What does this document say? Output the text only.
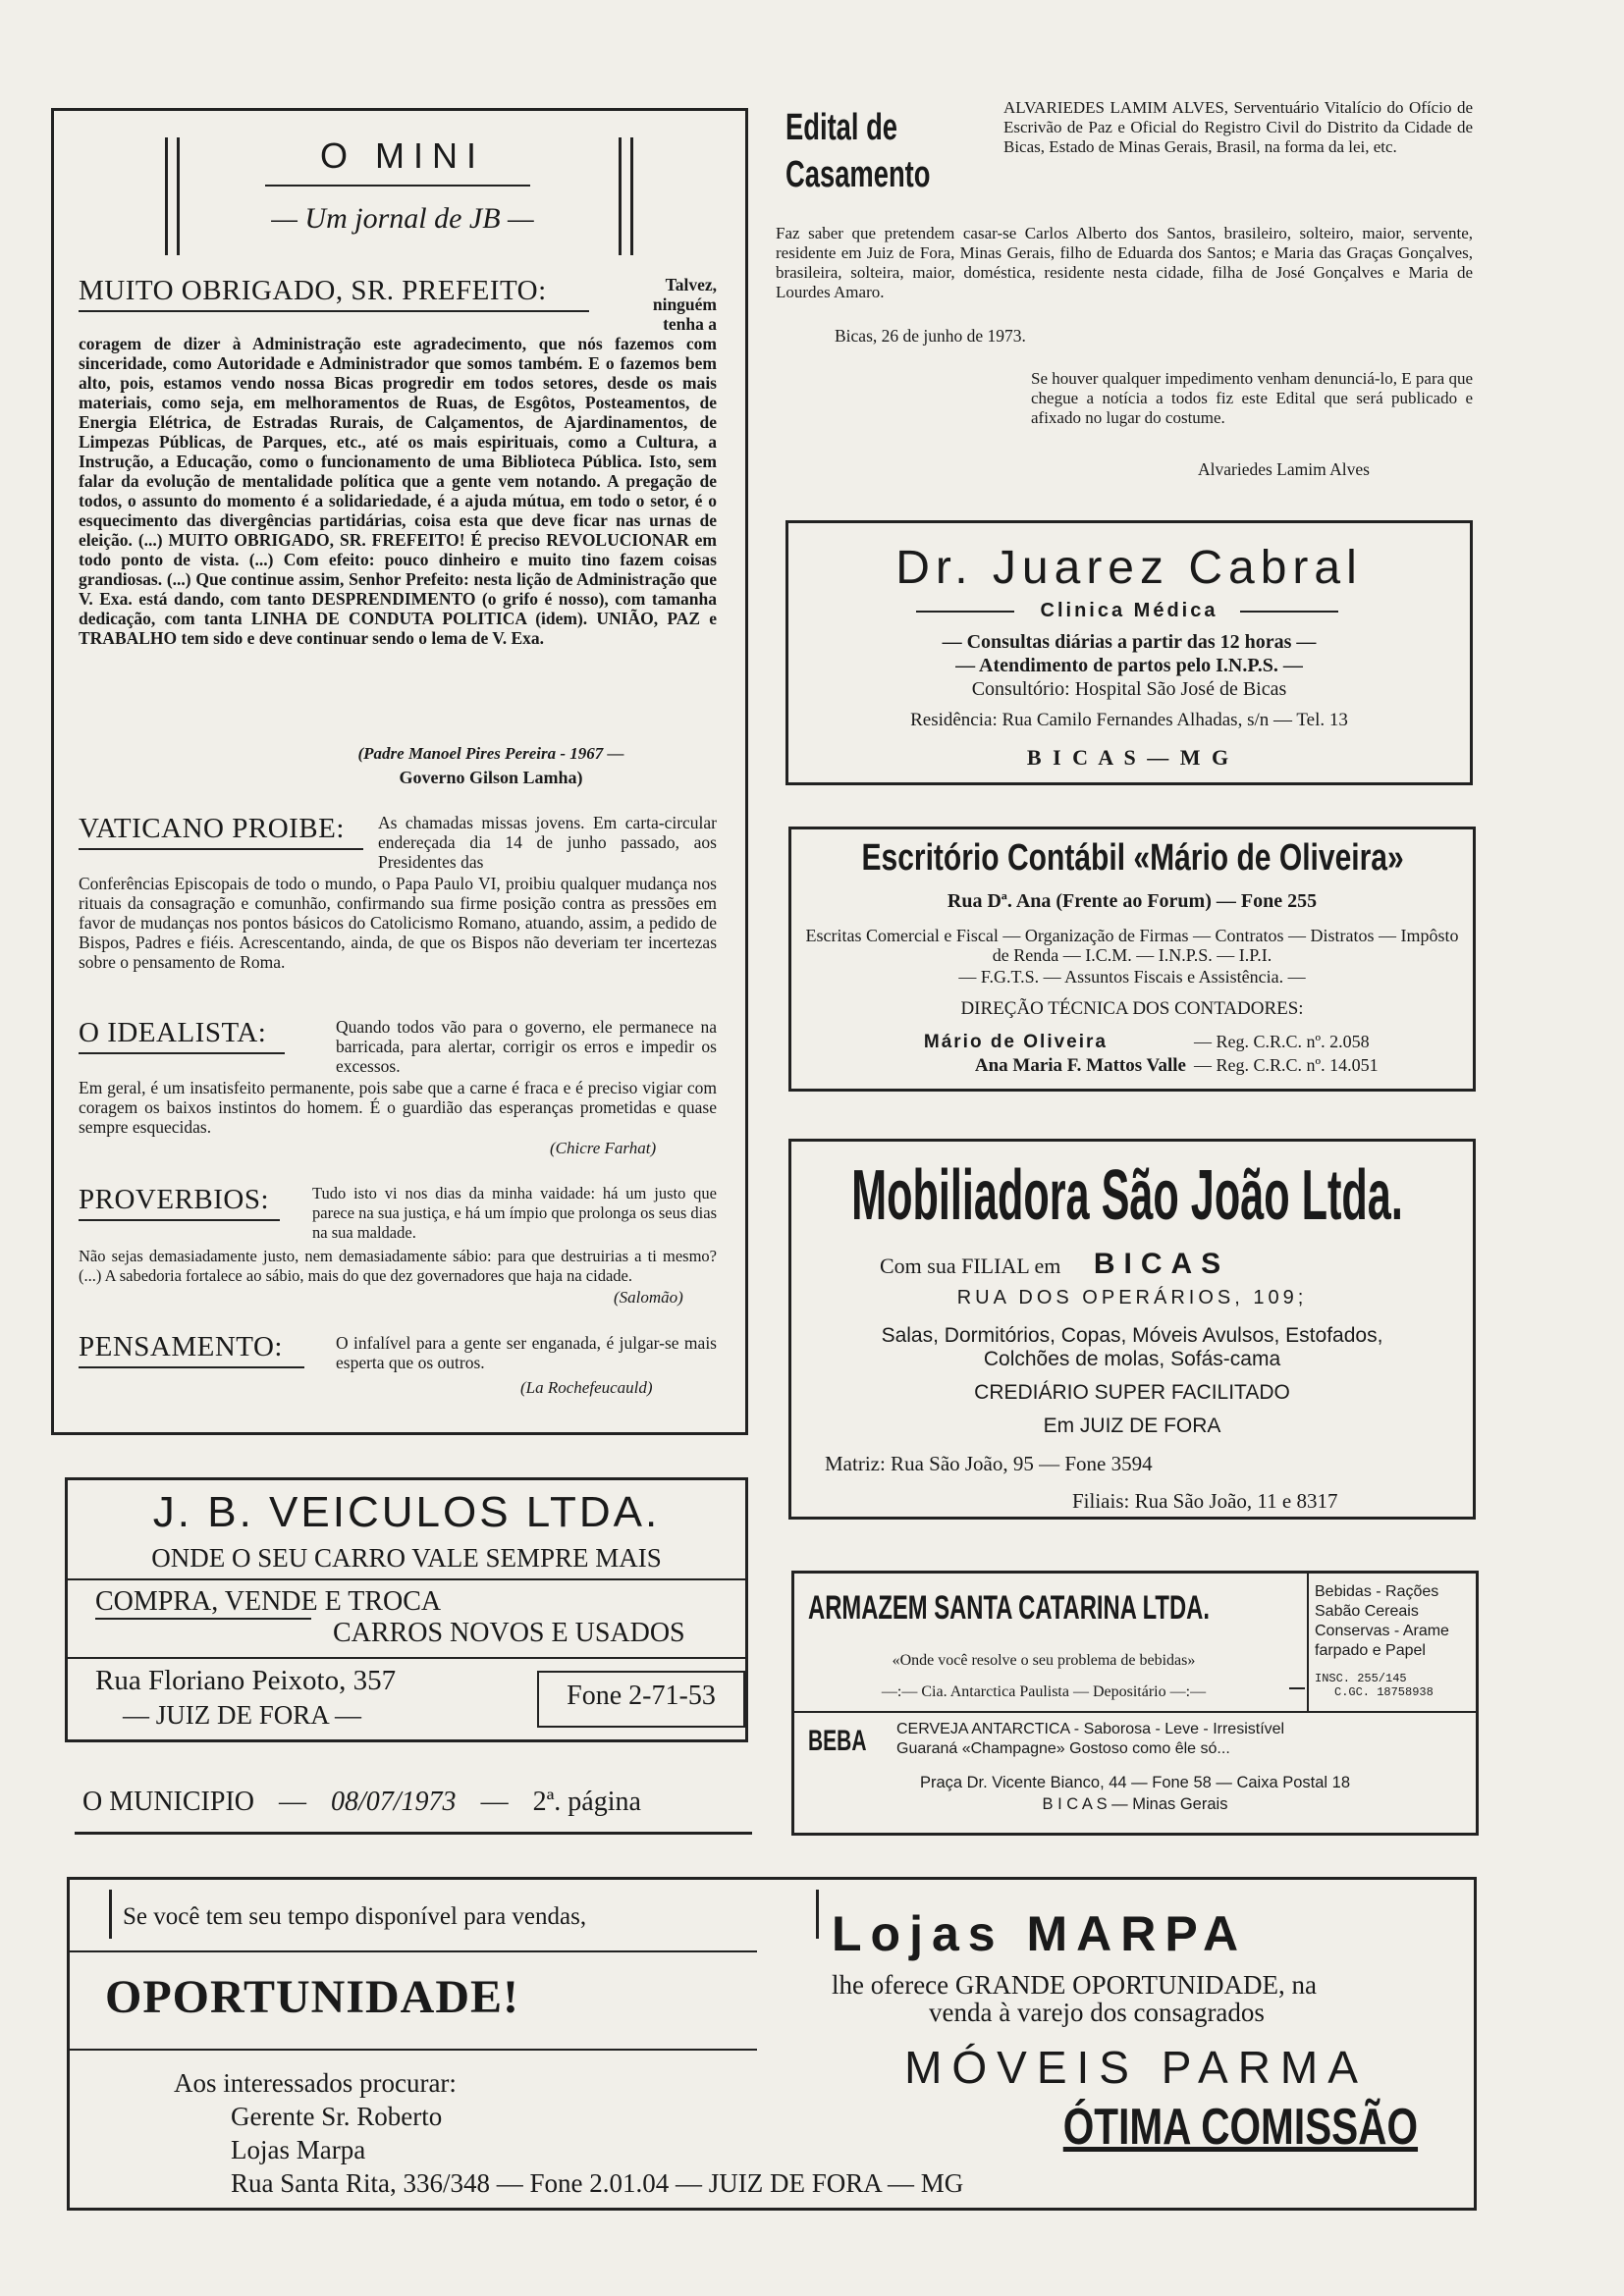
O MINI
— Um jornal de JB —
MUITO OBRIGADO, SR. PREFEITO:	Talvez, ninguém tenha a

coragem de dizer à Administração este agradecimento, que nós fazemos com sinceridade, como Autoridade e Administrador que somos também. E o fazemos bem alto, pois, estamos vendo nossa Bicas progredir em todos setores, desde os mais materiais, como seja, em melhoramentos de Ruas, de Esgôtos, Posteamentos, de Energia Elétrica, de Estradas Rurais, de Calçamentos, de Ajardinamentos, de Limpezas Públicas, de Parques, etc., até os mais espirituais, como a Cultura, a Instrução, a Educação, como o funcionamento de uma Biblioteca Pública. Isto, sem falar da evolução de mentalidade política que a gente vem notando. A pregação de todos, o assunto do momento é a solidariedade, é a ajuda mútua, em todo o setor, é o esquecimento das divergências partidárias, coisa esta que deve ficar nas urnas de eleição. (...) MUITO OBRIGADO, SR. FREFEITO! É preciso REVOLUCIONAR em todo ponto de vista. (...) Com efeito: pouco dinheiro e muito tino fazem coisas grandiosas. (...) Que continue assim, Senhor Prefeito: nesta lição de Administração que V. Exa. está dando, com tanto DESPRENDIMENTO (o grifo é nosso), com tamanha dedicação, com tanta LINHA DE CONDUTA POLITICA (idem). UNIÃO, PAZ e TRABALHO tem sido e deve continuar sendo o lema de V. Exa.

(Padre Manoel Pires Pereira - 1967 —
Governo Gilson Lamha)
VATICANO PROIBE:	As chamadas missas jovens. Em carta-circular endereçada dia 14 de junho passado, aos Presidentes das

Conferências Episcopais de todo o mundo, o Papa Paulo VI, proibiu qualquer mudança nos rituais da consagração e comunhão, confirmando sua firme posição contra as pressões em favor de mudanças nos pontos básicos do Catolicismo Romano, atuando, assim, a pedido de Bispos, Padres e fiéis. Acrescentando, ainda, de que os Bispos não deveriam ter incertezas sobre o pensamento de Roma.

O IDEALISTA:	Quando todos vão para o governo, ele permanece na barricada, para alertar, corrigir os erros e impedir os excessos.

Em geral, é um insatisfeito permanente, pois sabe que a carne é fraca e é preciso vigiar com coragem os baixos instintos do homem. É o guardião das esperanças prometidas e quase sempre esquecidas.

(Chicre Farhat)
PROVERBIOS:	Tudo isto vi nos dias da minha vaidade: há um justo que parece na sua justiça, e há um ímpio que prolonga os seus dias na sua maldade.

Não sejas demasiadamente justo, nem demasiadamente sábio: para que destruirias a ti mesmo? (...) A sabedoria fortalece ao sábio, mais do que dez governadores que haja na cidade.

(Salomão)
PENSAMENTO:	O infalível para a gente ser enganada, é julgar-se mais esperta que os outros.

(La Rochefeucauld)
Edital de
Casamento

ALVARIEDES LAMIM ALVES, Serventuário Vitalício do Ofício de Escrivão de Paz e Oficial do Registro Civil do Distrito da Cidade de Bicas, Estado de Minas Gerais, Brasil, na forma da lei, etc.

Faz saber que pretendem casar-se Carlos Alberto dos Santos, brasileiro, solteiro, maior, servente, residente em Juiz de Fora, Minas Gerais, filho de Eduarda dos Santos; e Maria das Graças Gonçalves, brasileira, solteira, maior, doméstica, residente nesta cidade, filha de José Gonçalves e Maria de Lourdes Amaro.

Bicas, 26 de junho de 1973.

Se houver qualquer impedimento venham denunciá-lo, E para que chegue a notícia a todos fiz este Edital que será publicado e afixado no lugar do costume.

Alvariedes Lamim Alves
Dr. Juarez Cabral
Clinica Médica
— Consultas diárias a partir das 12 horas —
— Atendimento de partos pelo I.N.P.S. —
Consultório: Hospital São José de Bicas
Residência: Rua Camilo Fernandes Alhadas, s/n — Tel. 13
B I C A S — M G
Escritório Contábil «Mário de Oliveira»
Rua Dª. Ana (Frente ao Forum) — Fone 255

Escritas Comercial e Fiscal — Organização de Firmas — Contratos — Distratos — Impôsto de Renda — I.C.M. — I.N.P.S. — I.P.I.

— F.G.T.S. — Assuntos Fiscais e Assistência. —
DIREÇÃO TÉCNICA DOS CONTADORES:
Mário de Oliveira	— Reg. C.R.C. nº. 2.058
Ana Maria F. Mattos Valle — Reg. C.R.C. nº. 14.051
Mobiliadora São João Ltda.
Com sua FILIAL em BICAS
RUA DOS OPERÁRIOS, 109;
Salas, Dormitórios, Copas, Móveis Avulsos, Estofados,
Colchões de molas, Sofás-cama
CREDIÁRIO SUPER FACILITADO
Em JUIZ DE FORA
Matriz: Rua São João, 95 — Fone 3594
Filiais: Rua São João, 11 e 8317
J. B. VEICULOS LTDA.
ONDE O SEU CARRO VALE SEMPRE MAIS
COMPRA, VENDE E TROCA
CARROS NOVOS E USADOS
Rua Floriano Peixoto, 357
— JUIZ DE FORA —
Fone 2-71-53
O MUNICIPIO — 08/07/1973 — 2ª. página
ARMAZEM SANTA CATARINA LTDA.
«Onde você resolve o seu problema de bebidas»
—:— Cia. Antarctica Paulista — Depositário —:—
Bebidas - Rações
Sabão Cereais
Conservas - Arame
farpado e Papel
INSC. 255/145
C.GC. 18758938
BEBA	CERVEJA ANTARCTICA - Saborosa - Leve - Irresistível
Guaraná «Champagne» Gostoso como êle só...
Praça Dr. Vicente Bianco, 44 — Fone 58 — Caixa Postal 18
B I C A S — Minas Gerais
Se você tem seu tempo disponível para vendas,
OPORTUNIDADE!
Aos interessados procurar:
Gerente Sr. Roberto
Lojas Marpa
Rua Santa Rita, 336/348 — Fone 2.01.04 — JUIZ DE FORA — MG
Lojas MARPA
lhe oferece GRANDE OPORTUNIDADE, na
venda à varejo dos consagrados
MÓVEIS PARMA
ÓTIMA COMISSÃO
